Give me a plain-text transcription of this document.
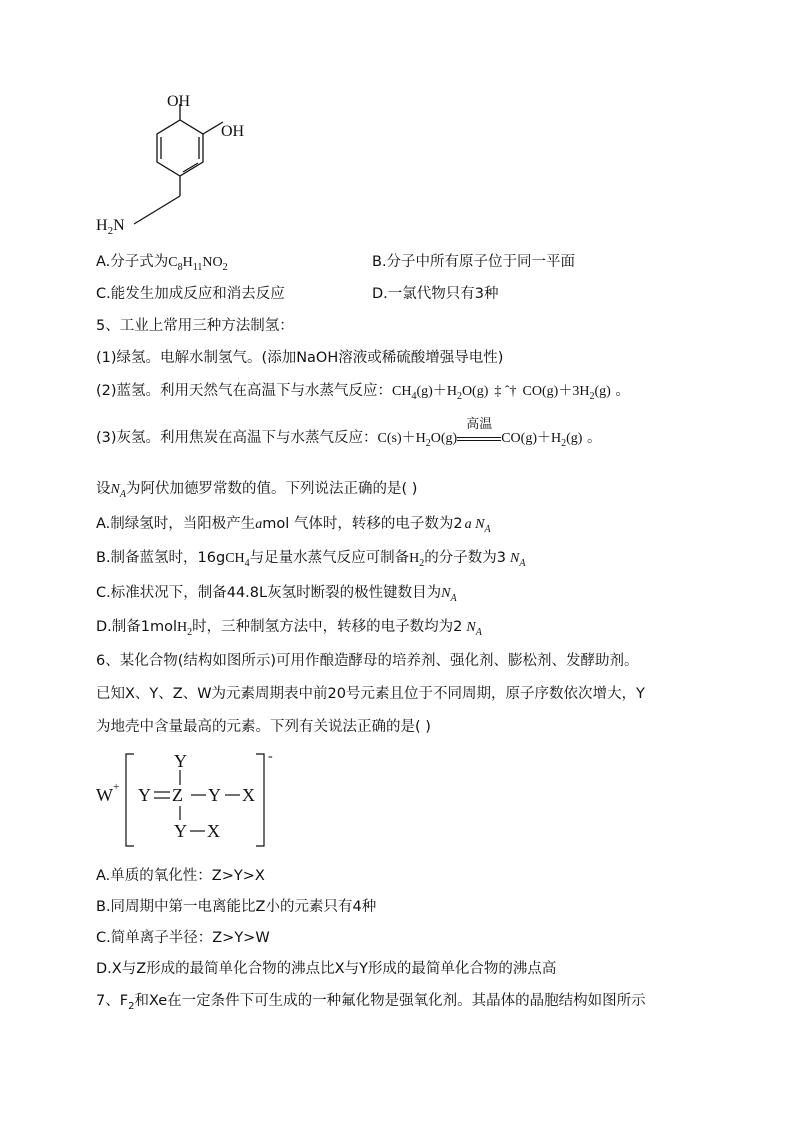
OH
OH
$H_2N$
A.分子式为$C_8H_{11}NO_2$	B.分子中所有原子位于同一平面
C.能发生加成反应和消去反应	D.一氯代物只有3种
5、工业上常用三种方法制氢：
(1)绿氢。电解水制氢气。(添加NaOH溶液或稀硫酸增强导电性)
(2)蓝氢。利用天然气在高温下与水蒸气反应：$CH_4(g)+H_2O(g)$ ‡ ˆ† $CO(g)+3H_2(g)$ 。
(3)灰氢。利用焦炭在高温下与水蒸气反应：$C(s)+H_2O(g)$
高温
$CO(g)+H_2(g)$ 。
设$N_A$为阿伏加德罗常数的值。下列说法正确的是( )
A.制绿氢时，当阳极产生amol 气体时，转移的电子数为2 a $N_A$
B.制备蓝氢时，16gCH$_4$与足量水蒸气反应可制备$H_2$的分子数为3 $N_A$
C.标准状况下，制备44.8L灰氢时断裂的极性键数目为$N_A$
D.制备1molH$_2$时，三种制氢方法中，转移的电子数均为2 $N_A$
6、某化合物(结构如图所示)可用作酿造酵母的培养剂、强化剂、膨松剂、发酵助剂。
已知X、Y、Z、W为元素周期表中前20号元素且位于不同周期，原子序数依次增大，Y
为地壳中含量最高的元素。下列有关说法正确的是( )
W +
Y
Y Z Y X
Y X
-
A.单质的氧化性：Z>Y>X
B.同周期中第一电离能比Z小的元素只有4种
C.简单离子半径：Z>Y>W
D.X与Z形成的最简单化合物的沸点比X与Y形成的最简单化合物的沸点高
7、$F_2$和Xe在一定条件下可生成的一种氟化物是强氧化剂。其晶体的晶胞结构如图所示
